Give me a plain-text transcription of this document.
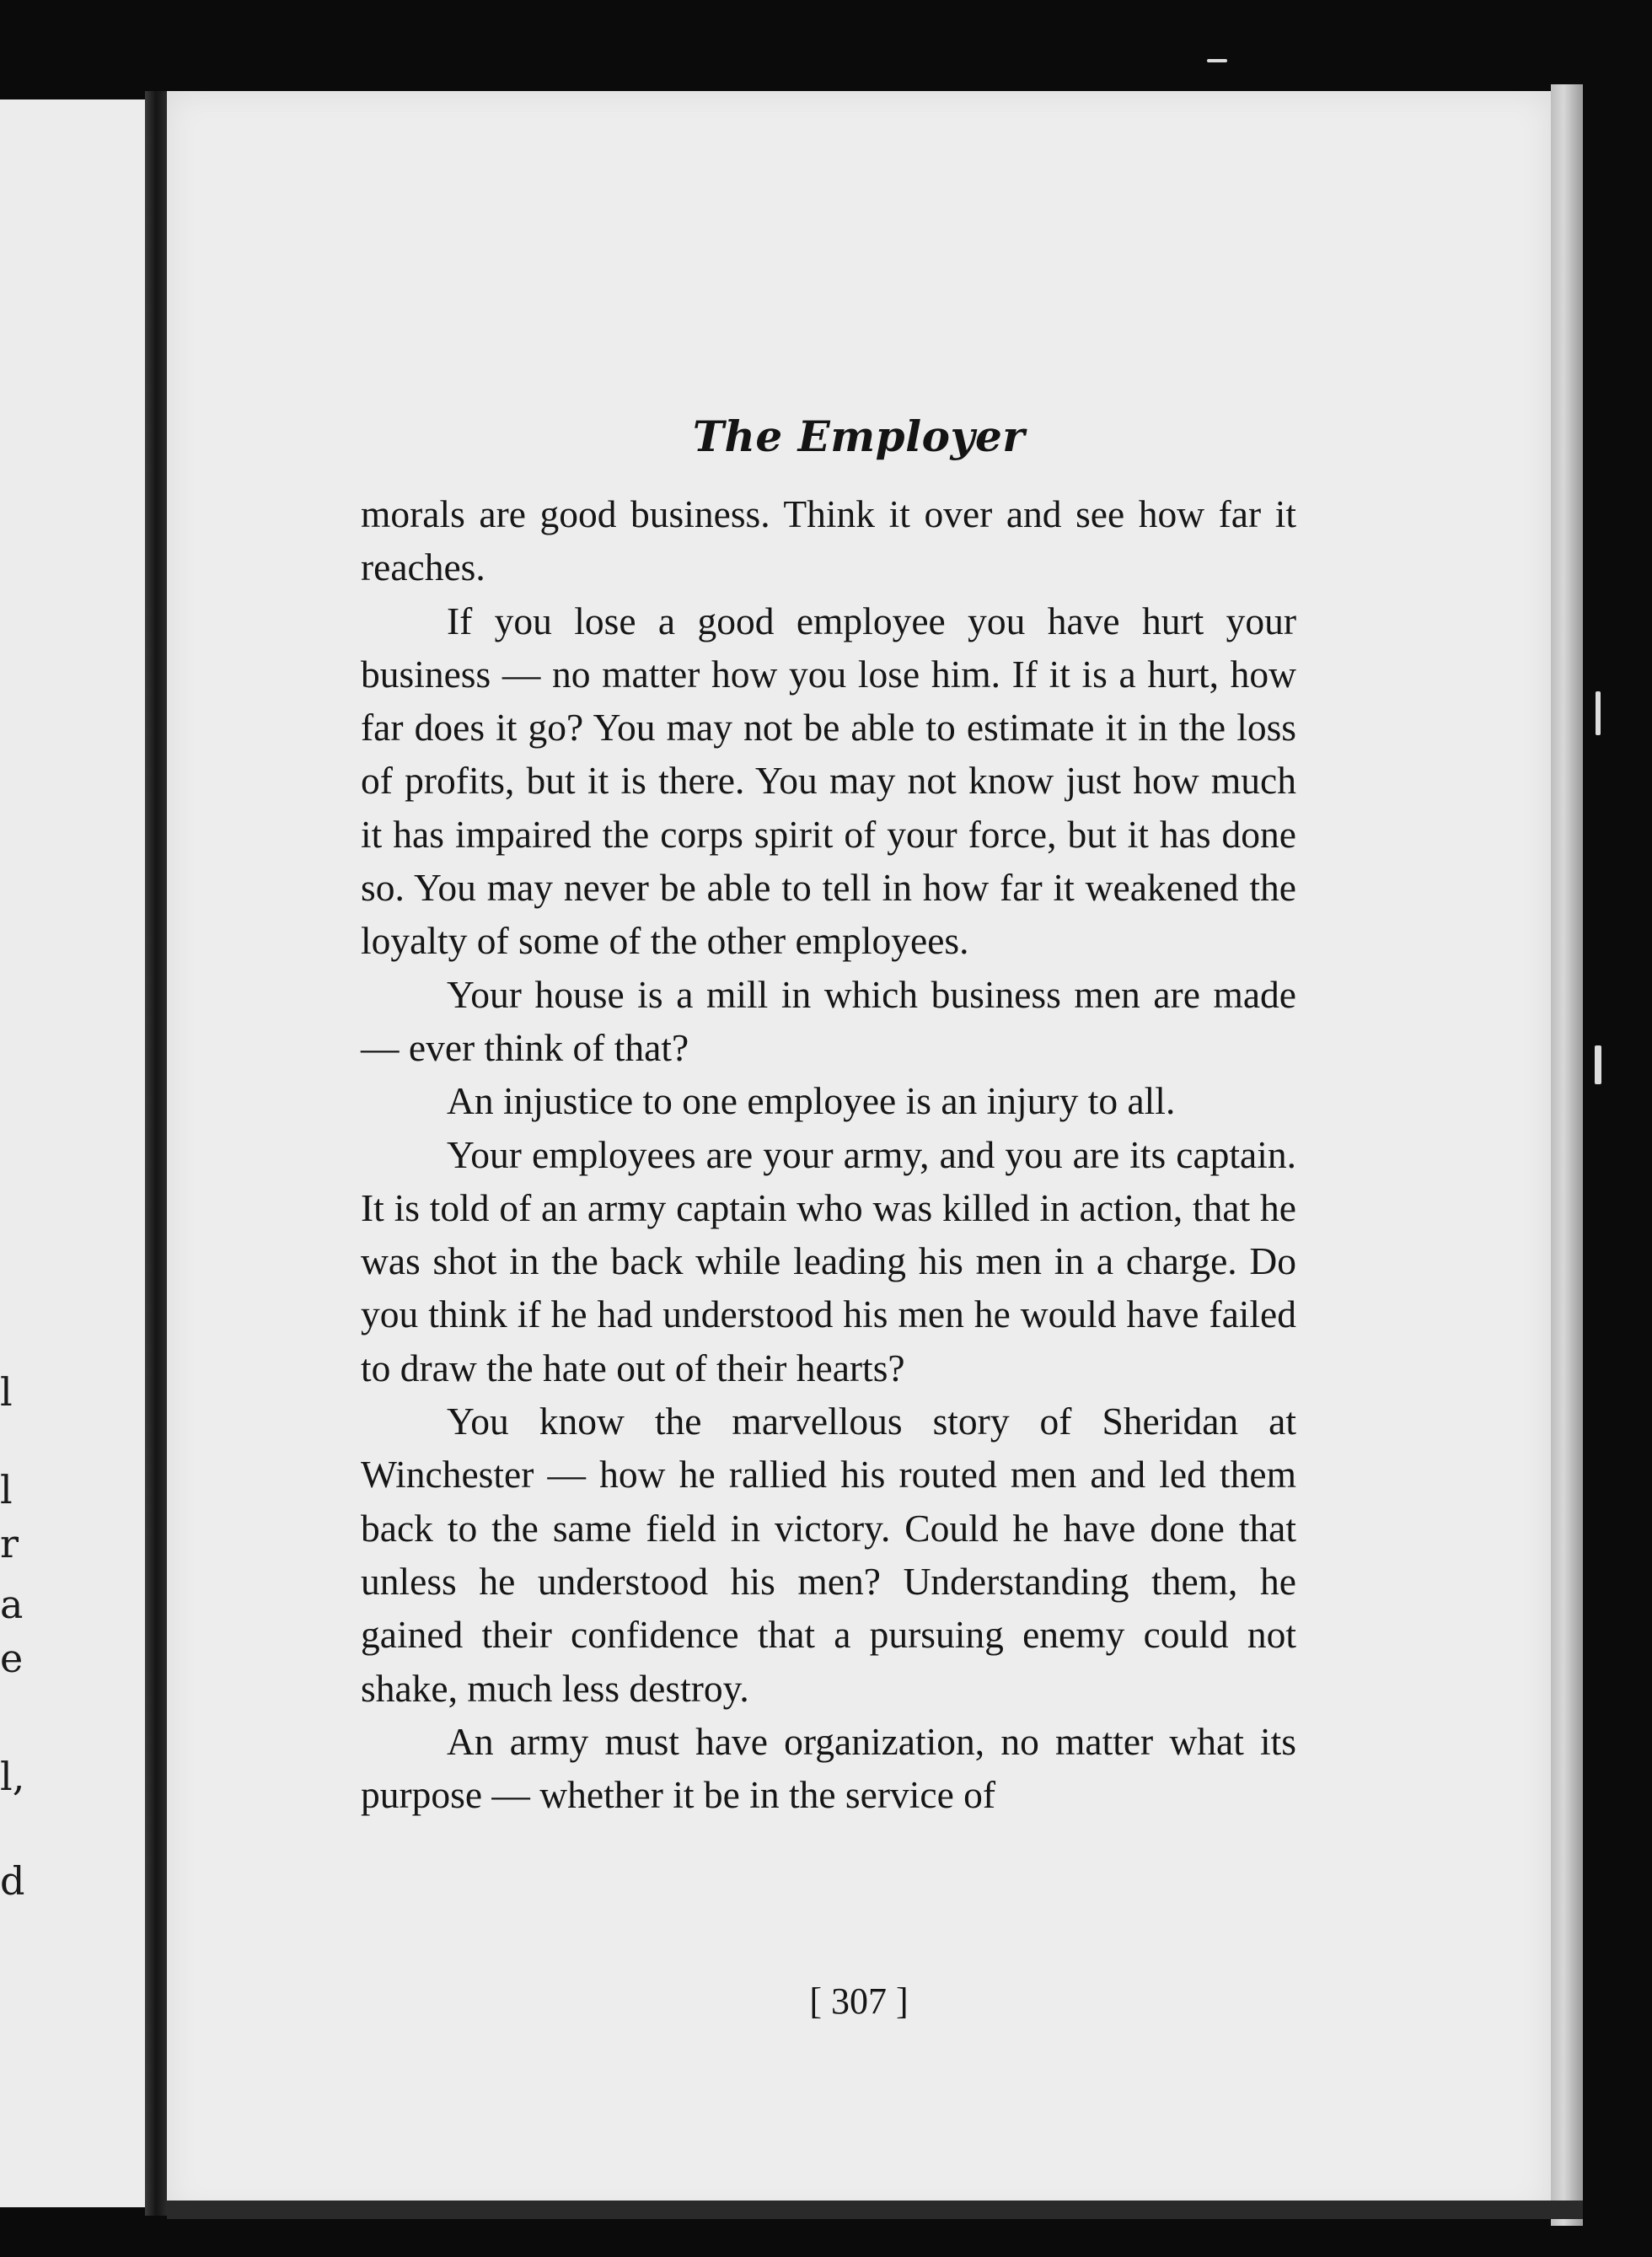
l
l
r
a
e
l,
d
The Employer

morals are good business. Think it over and see how far it reaches.

If you lose a good employee you have hurt your business — no matter how you lose him. If it is a hurt, how far does it go? You may not be able to estimate it in the loss of profits, but it is there. You may not know just how much it has impaired the corps spirit of your force, but it has done so. You may never be able to tell in how far it weakened the loyalty of some of the other employees.

Your house is a mill in which business men are made — ever think of that?

An injustice to one employee is an injury to all.

Your employees are your army, and you are its captain. It is told of an army captain who was killed in action, that he was shot in the back while leading his men in a charge. Do you think if he had understood his men he would have failed to draw the hate out of their hearts?

You know the marvellous story of Sheridan at Winchester — how he rallied his routed men and led them back to the same field in victory. Could he have done that unless he understood his men? Understanding them, he gained their confidence that a pursuing enemy could not shake, much less destroy.

An army must have organization, no matter what its purpose — whether it be in the service of

[ 307 ]
